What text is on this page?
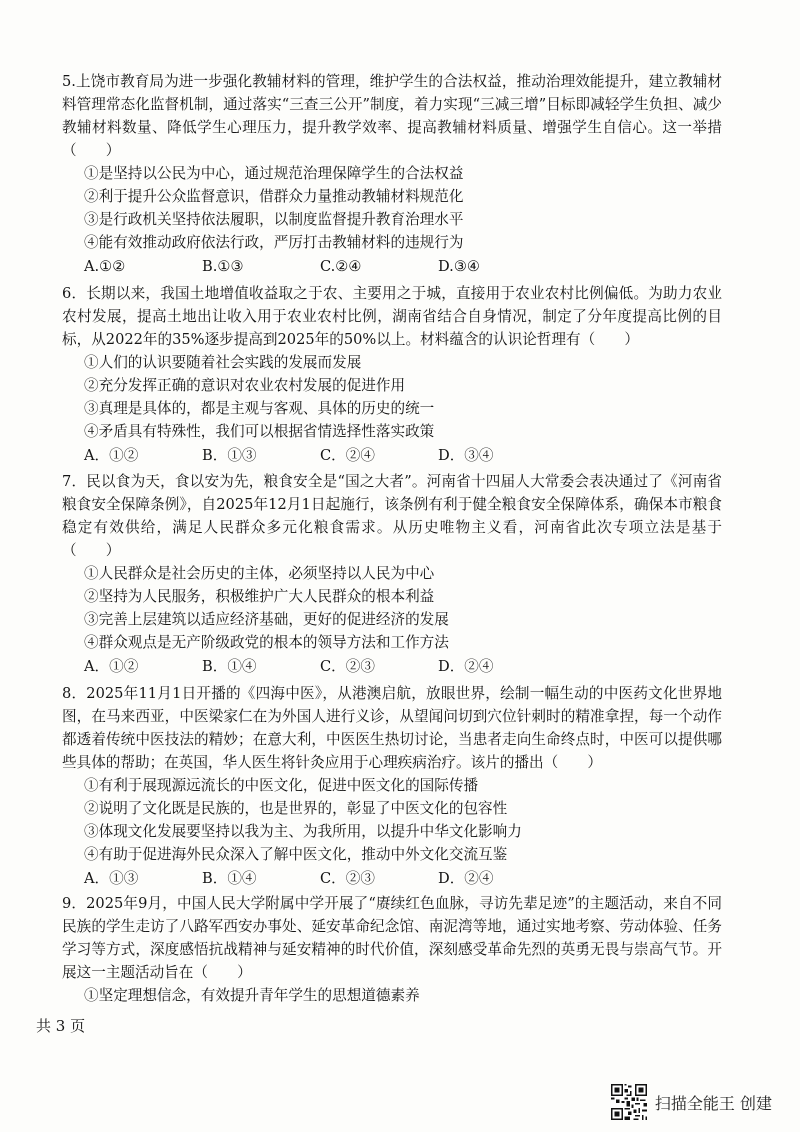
5.上饶市教育局为进一步强化教辅材料的管理，维护学生的合法权益，推动治理效能提升，建立教辅材料管理常态化监督机制，通过落实“三查三公开”制度，着力实现“三减三增”目标即减轻学生负担、减少教辅材料数量、降低学生心理压力，提升教学效率、提高教辅材料质量、增强学生自信心。这一举措（　　）

①是坚持以公民为中心，通过规范治理保障学生的合法权益

②利于提升公众监督意识，借群众力量推动教辅材料规范化

③是行政机关坚持依法履职，以制度监督提升教育治理水平

④能有效推动政府依法行政，严厉打击教辅材料的违规行为

A.①②	B.①③	C.②④	D.③④

6．长期以来，我国土地增值收益取之于农、主要用之于城，直接用于农业农村比例偏低。为助力农业农村发展，提高土地出让收入用于农业农村比例，湖南省结合自身情况，制定了分年度提高比例的目标，从2022年的35%逐步提高到2025年的50%以上。材料蕴含的认识论哲理有（　　）

①人们的认识要随着社会实践的发展而发展

②充分发挥正确的意识对农业农村发展的促进作用

③真理是具体的，都是主观与客观、具体的历史的统一

④矛盾具有特殊性，我们可以根据省情选择性落实政策

A．①②	B．①③	C．②④	D．③④

7．民以食为天，食以安为先，粮食安全是“国之大者”。河南省十四届人大常委会表决通过了《河南省粮食安全保障条例》，自2025年12月1日起施行，该条例有利于健全粮食安全保障体系，确保本市粮食稳定有效供给，满足人民群众多元化粮食需求。从历史唯物主义看，河南省此次专项立法是基于（　　）

①人民群众是社会历史的主体，必须坚持以人民为中心

②坚持为人民服务，积极维护广大人民群众的根本利益

③完善上层建筑以适应经济基础，更好的促进经济的发展

④群众观点是无产阶级政党的根本的领导方法和工作方法

A．①②	B．①④	C．②③	D．②④

8．2025年11月1日开播的《四海中医》，从港澳启航，放眼世界，绘制一幅生动的中医药文化世界地图，在马来西亚，中医梁家仁在为外国人进行义诊，从望闻问切到穴位针刺时的精准拿捏，每一个动作都透着传统中医技法的精妙；在意大利，中医医生热切讨论，当患者走向生命终点时，中医可以提供哪些具体的帮助；在英国，华人医生将针灸应用于心理疾病治疗。该片的播出（　　）

①有利于展现源远流长的中医文化，促进中医文化的国际传播

②说明了文化既是民族的，也是世界的，彰显了中医文化的包容性

③体现文化发展要坚持以我为主、为我所用，以提升中华文化影响力

④有助于促进海外民众深入了解中医文化，推动中外文化交流互鉴

A．①③	B．①④	C．②③	D．②④

9．2025年9月，中国人民大学附属中学开展了“赓续红色血脉，寻访先辈足迹”的主题活动，来自不同民族的学生走访了八路军西安办事处、延安革命纪念馆、南泥湾等地，通过实地考察、劳动体验、任务学习等方式，深度感悟抗战精神与延安精神的时代价值，深刻感受革命先烈的英勇无畏与崇高气节。开展这一主题活动旨在（　　）

①坚定理想信念，有效提升青年学生的思想道德素养

共 3 页
扫描全能王 创建
